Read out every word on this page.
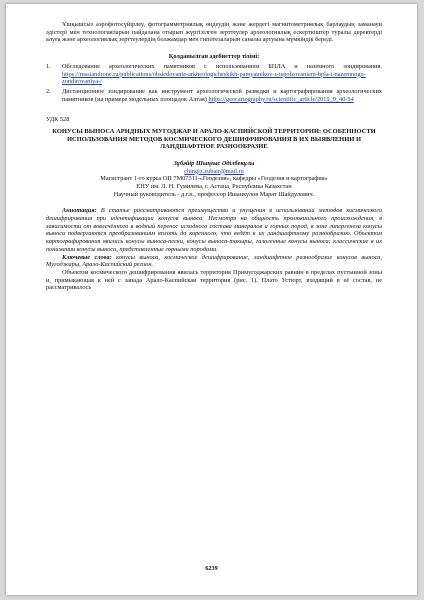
Ұшқышсыз аэрофотосүйірлеу, фотограмметриялық өңдеудің және жердегі магнитометриялық барлаудың заманауи әдістері мен технологияларын пайдалана отырып жүргізілген зерттеулер археологиялық ескерткіштер туралы деректерді алуға және археологиялық зерттеулердің болжамдар мен гипотезаларын саналы артуына мүмкіндік береді.

Қолданылған әдебиеттер тізімі:

1.	Обследование археологических памятников с использованием БПЛА и наземного зондирования. https://russiandrone.ru/publications/obsledovanie-arkheologicheskikh-pamyatnikov-s-ispolzovaniem-bpla-i-nazemnogo-zondirovaniya-/
2.	Дистанционное зондирование как инструмент археологической разведки и картографирования археологических памятников (на примере модельных площадок Алтая) https://geocartography.ru/scientific_article/2019_9_40-54

УДК 528

КОНУСЫ ВЫНОСА АРИДНЫХ МУГОДЖАР И АРАЛО-КАСПИЙСКОЙ ТЕРРИТОРИИ: ОСОБЕННОСТИ ИСПОЛЬЗОВАНИЯ МЕТОДОВ КОСМИЧЕСКОГО ДЕШИФРИРОВАНИЯ В ИХ ВЫЯВЛЕНИИ И ЛАНДШАФТНОЕ РАЗНООБРАЗИЕ

Зұбәйір Шыңғыс Әділбекұлы

chingiz.zubair@mail.ru

Магистрант 1-го курса ОП 7M07311-«Геодезия», кафедры «Геодезия и картография»

ЕНУ им. Л. Н. Гумилева, г. Астана, Республика Казахстан

Научный руководитель - д.г.н., профессор Ишанкулов Марат Шайдулович.

Аннотация: В статье рассматриваются преимущества и упущения в использовании методов космического дешифрирования при идентификации конусов выноса. Несмотря на общность пролювиального происхождения, в зависимости от вовлечённого в водный перенос исходного состава минералов и горных пород, в зоне гипергенеза конусы выноса подвергаются преобразованиям вплоть до коренного, что ведёт к их ландшафтному разнообразию. Объектом картографирования явились конусы выноса-пески, конусы выноса-такыры, галогенные конусы выноса; классические в их понимании конусы выноса, представленные горными породами.

Ключевые слова: конусы выноса, космическое дешифрирование, ландшафтное разнообразие конусов выноса, Мугоджары, Арало-Каспийский регион.

Объектом космического дешифрирования явилась территория Примугоджарских равнин в пределах пустынной зоны и, примыкающая к ней с запада Арало-Каспийская территория (рис. 1). Плато Устюрт, входящий в её состав, не рассматривалось

6239
